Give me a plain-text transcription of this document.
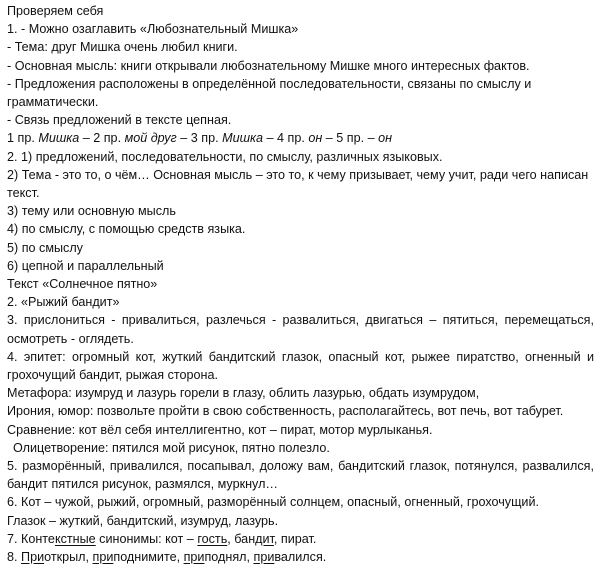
Проверяем себя

1. - Можно озаглавить «Любознательный Мишка»

- Тема: друг Мишка очень любил книги.

- Основная мысль: книги открывали любознательному Мишке много интересных фактов.

- Предложения расположены в определённой последовательности, связаны по смыслу и грамматически.

- Связь предложений в тексте цепная.

1 пр. Мишка – 2 пр. мой друг – 3 пр. Мишка – 4 пр. он – 5 пр. – он

2. 1) предложений, последовательности, по смыслу, различных языковых.

2) Тема - это то, о чём… Основная мысль – это то, к чему призывает, чему учит, ради чего написан текст.

3) тему или основную мысль

4) по смыслу, с помощью средств языка.

5) по смыслу

6) цепной и параллельный

Текст «Солнечное пятно»

2. «Рыжий бандит»

3. прислониться - привалиться, разлечься - развалиться, двигаться – пятиться, перемещаться, осмотреть - оглядеть.

4. эпитет: огромный кот, жуткий бандитский глазок, опасный кот, рыжее пиратство, огненный и грохочущий бандит, рыжая сторона.

Метафора: изумруд и лазурь горели в глазу, облить лазурью, обдать изумрудом,

Ирония, юмор: позвольте пройти в свою собственность, располагайтесь, вот печь, вот табурет.

Сравнение: кот вёл себя интеллигентно, кот – пират, мотор мурлыканья.

Олицетворение: пятился мой рисунок, пятно полезло.

5. разморённый, привалился, посапывал, доложу вам, бандитский глазок, потянулся, развалился, бандит пятился рисунок, размялся, муркнул…

6. Кот – чужой, рыжий, огромный, разморённый солнцем, опасный, огненный, грохочущий.

Глазок – жуткий, бандитский, изумруд, лазурь.

7. Контекстные синонимы: кот – гость, бандит, пират.

8. Приоткрыл, приподнимите, приподнял, привалился.
